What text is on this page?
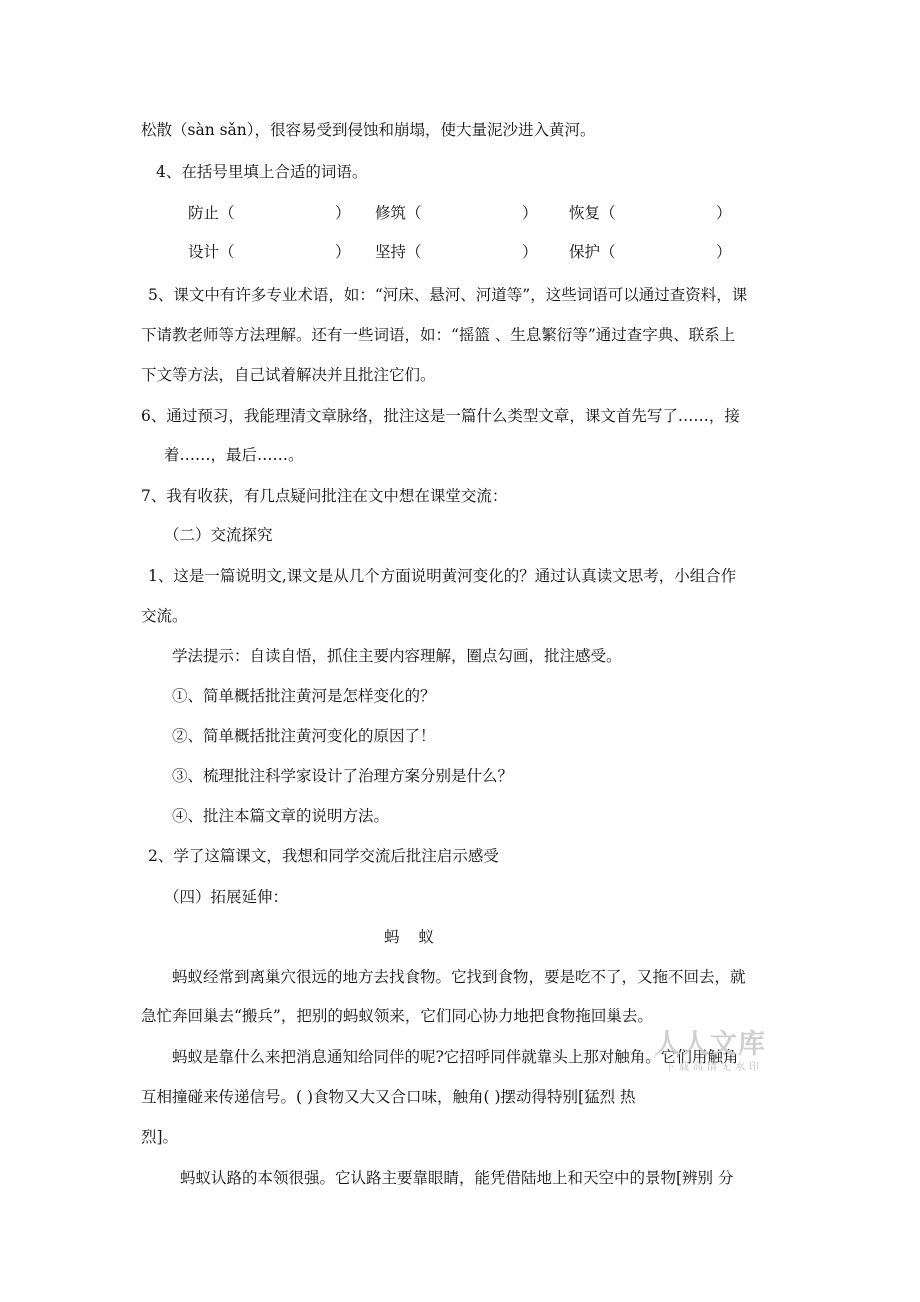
松散（sàn sǎn），很容易受到侵蚀和崩塌，使大量泥沙进入黄河。
4、在括号里填上合适的词语。
防止（	） 修筑（	） 恢复（	）
设计（	） 坚持（	） 保护（	）
5、课文中有许多专业术语，如：“河床、悬河、河道等”，这些词语可以通过查资料，课
下请教老师等方法理解。还有一些词语，如：“摇篮 、生息繁衍等”通过查字典、联系上
下文等方法，自己试着解决并且批注它们。
6、通过预习，我能理清文章脉络，批注这是一篇什么类型文章，课文首先写了……，接
着……，最后……。
7、我有收获，有几点疑问批注在文中想在课堂交流：
（二）交流探究
1、这是一篇说明文,课文是从几个方面说明黄河变化的？通过认真读文思考，小组合作
交流。
学法提示：自读自悟，抓住主要内容理解，圈点勾画，批注感受。
①、简单概括批注黄河是怎样变化的？
②、简单概括批注黄河变化的原因了！
③、梳理批注科学家设计了治理方案分别是什么？
④、批注本篇文章的说明方法。
2、学了这篇课文，我想和同学交流后批注启示感受
（四）拓展延伸：
蚂 蚁
蚂蚁经常到离巢穴很远的地方去找食物。它找到食物，要是吃不了，又拖不回去，就
急忙奔回巢去“搬兵”，把别的蚂蚁领来，它们同心协力地把食物拖回巢去。
蚂蚁是靠什么来把消息通知给同伴的呢?它招呼同伴就靠头上那对触角。它们用触角
互相撞碰来传递信号。( )食物又大又合口味，触角( )摆动得特别[猛烈 热
烈]。
蚂蚁认路的本领很强。它认路主要靠眼睛，能凭借陆地上和天空中的景物[辨别 分
人人文库
下载高清无水印
